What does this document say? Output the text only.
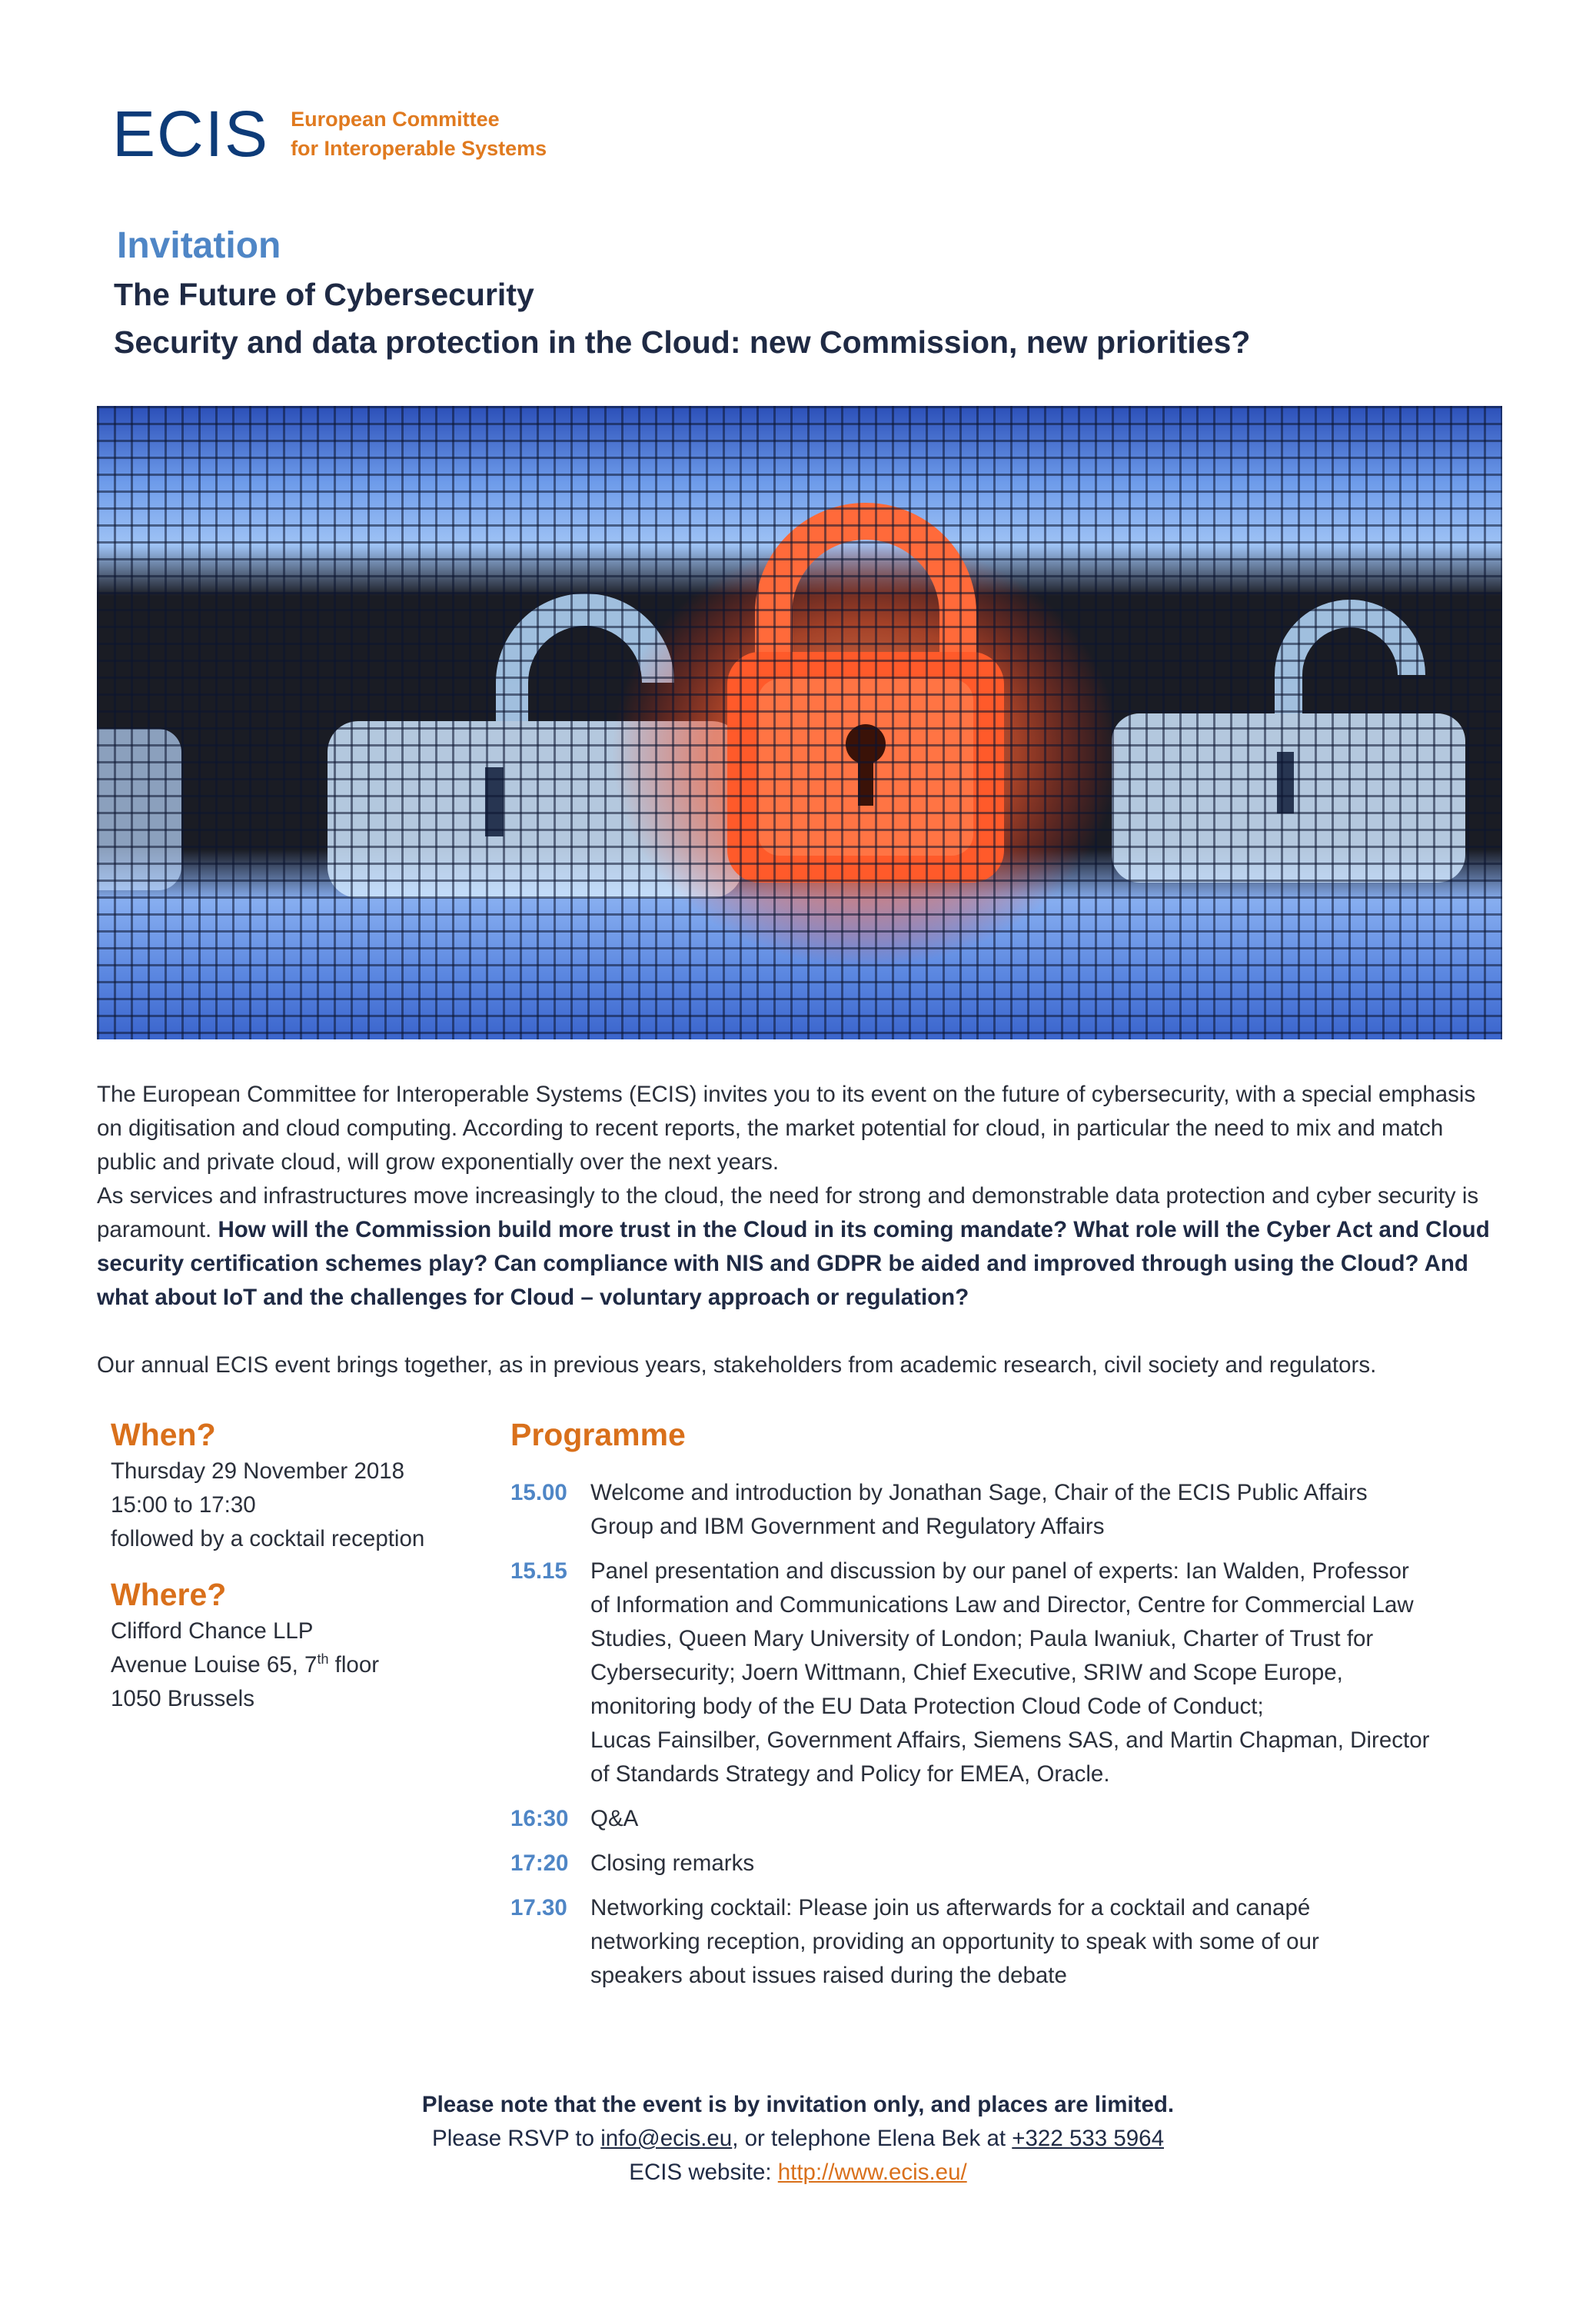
ECIS European Committee
for Interoperable Systems
Invitation
The Future of Cybersecurity
Security and data protection in the Cloud: new Commission, new priorities?

The European Committee for Interoperable Systems (ECIS) invites you to its event on the future of cybersecurity, with a special emphasis on digitisation and cloud computing. According to recent reports, the market potential for cloud, in particular the need to mix and match public and private cloud, will grow exponentially over the next years.

As services and infrastructures move increasingly to the cloud, the need for strong and demonstrable data protection and cyber security is paramount. How will the Commission build more trust in the Cloud in its coming mandate? What role will the Cyber Act and Cloud security certification schemes play? Can compliance with NIS and GDPR be aided and improved through using the Cloud? And what about IoT and the challenges for Cloud – voluntary approach or regulation?

Our annual ECIS event brings together, as in previous years, stakeholders from academic research, civil society and regulators.

When?
Thursday 29 November 2018
15:00 to 17:30
followed by a cocktail reception
Where?
Clifford Chance LLP
Avenue Louise 65, 7th floor
1050 Brussels
Programme
15.00	Welcome and introduction by Jonathan Sage, Chair of the ECIS Public Affairs
Group and IBM Government and Regulatory Affairs
15.15	Panel presentation and discussion by our panel of experts: Ian Walden, Professor
of Information and Communications Law and Director, Centre for Commercial Law
Studies, Queen Mary University of London; Paula Iwaniuk, Charter of Trust for
Cybersecurity; Joern Wittmann, Chief Executive, SRIW and Scope Europe,
monitoring body of the EU Data Protection Cloud Code of Conduct;
Lucas Fainsilber, Government Affairs, Siemens SAS, and Martin Chapman, Director
of Standards Strategy and Policy for EMEA, Oracle.
16:30 Q&A
17:20 Closing remarks
17.30	Networking cocktail: Please join us afterwards for a cocktail and canapé
networking reception, providing an opportunity to speak with some of our
speakers about issues raised during the debate
Please note that the event is by invitation only, and places are limited.
Please RSVP to info@ecis.eu, or telephone Elena Bek at +322 533 5964
ECIS website: http://www.ecis.eu/
